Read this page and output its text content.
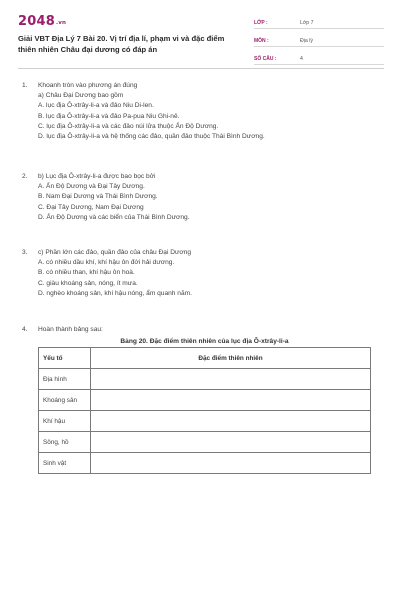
2048.vn
Giải VBT Địa Lý 7 Bài 20. Vị trí địa lí, phạm vi và đặc điểm thiên nhiên Châu đại dương có đáp án
LỚP :	Lớp 7
MÔN :	Địa lý
SỐ CÂU :	4
1.	Khoanh tròn vào phương án đúng
a) Châu Đại Dương bao gồm
A. lục địa Ô-xtrây-li-a và đảo Niu Di-len.
B. lục địa Ô-xtrây-li-a và đảo Pa-pua Niu Ghi-nê.
C. lục địa Ô-xtrây-li-a và các đảo núi lửa thuộc Ấn Độ Dương.
D. lục địa Ô-xtrây-li-a và hệ thống các đảo, quần đảo thuộc Thái Bình Dương.
2.	b) Lục địa Ô-xtrây-li-a được bao bọc bởi
A. Ấn Độ Dương và Đại Tây Dương.
B. Nam Đại Dương và Thái Bình Dương.
C. Đại Tây Dương, Nam Đại Dương
D. Ấn Độ Dương và các biển của Thái Bình Dương.
3.	c) Phần lớn các đảo, quần đảo của châu Đại Dương
A. có nhiều dầu khí, khí hậu ôn đới hải dương.
B. có nhiều than, khí hậu ôn hoà.
C. giàu khoáng sản, nóng, ít mưa.
D. nghèo khoáng sản, khí hậu nóng, ẩm quanh năm.
4.	Hoàn thành bảng sau:
Bảng 20. Đặc điểm thiên nhiên của lục địa Ô-xtrây-li-a
Yếu tố	Đặc điểm thiên nhiên
Địa hình	
Khoáng sản	
Khí hậu	
Sông, hồ	
Sinh vật	
